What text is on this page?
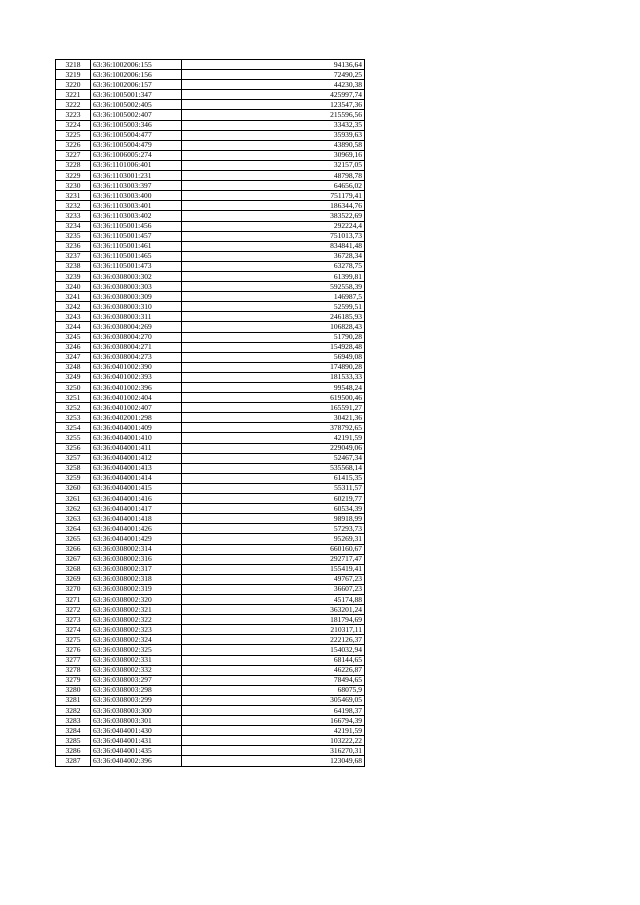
3218	63:36:1002006:155	94136,64
3219	63:36:1002006:156	72490,25
3220	63:36:1002006:157	44230,38
3221	63:36:1005001:347	425997,74
3222	63:36:1005002:405	123547,36
3223	63:36:1005002:407	215596,56
3224	63:36:1005003:346	33432,35
3225	63:36:1005004:477	35939,63
3226	63:36:1005004:479	43890,58
3227	63:36:1006005:274	30969,16
3228	63:36:1101006:401	32157,05
3229	63:36:1103001:231	48798,78
3230	63:36:1103003:397	64656,02
3231	63:36:1103003:400	751179,41
3232	63:36:1103003:401	186344,76
3233	63:36:1103003:402	383522,69
3234	63:36:1105001:456	292224,4
3235	63:36:1105001:457	751013,73
3236	63:36:1105001:461	834841,48
3237	63:36:1105001:465	36728,34
3238	63:36:1105001:473	63278,75
3239	63:36:0308003:302	61399,81
3240	63:36:0308003:303	592558,39
3241	63:36:0308003:309	146987,5
3242	63:36:0308003:310	52599,51
3243	63:36:0308003:311	246185,93
3244	63:36:0308004:269	106828,43
3245	63:36:0308004:270	51790,28
3246	63:36:0308004:271	154928,48
3247	63:36:0308004:273	56949,08
3248	63:36:0401002:390	174890,28
3249	63:36:0401002:393	181533,33
3250	63:36:0401002:396	99548,24
3251	63:36:0401002:404	619500,46
3252	63:36:0401002:407	165591,27
3253	63:36:0402001:298	30421,36
3254	63:36:0404001:409	378792,65
3255	63:36:0404001:410	42191,59
3256	63:36:0404001:411	229049,06
3257	63:36:0404001:412	52467,34
3258	63:36:0404001:413	535568,14
3259	63:36:0404001:414	61415,35
3260	63:36:0404001:415	55311,57
3261	63:36:0404001:416	60219,77
3262	63:36:0404001:417	60534,39
3263	63:36:0404001:418	98918,99
3264	63:36:0404001:426	57293,73
3265	63:36:0404001:429	95269,31
3266	63:36:0308002:314	660160,67
3267	63:36:0308002:316	292717,47
3268	63:36:0308002:317	155419,41
3269	63:36:0308002:318	49767,23
3270	63:36:0308002:319	36607,23
3271	63:36:0308002:320	45174,88
3272	63:36:0308002:321	363201,24
3273	63:36:0308002:322	181794,69
3274	63:36:0308002:323	210317,11
3275	63:36:0308002:324	222126,37
3276	63:36:0308002:325	154032,94
3277	63:36:0308002:331	68144,65
3278	63:36:0308002:332	46226,87
3279	63:36:0308003:297	78494,65
3280	63:36:0308003:298	68075,9
3281	63:36:0308003:299	305469,05
3282	63:36:0308003:300	64198,37
3283	63:36:0308003:301	166794,39
3284	63:36:0404001:430	42191,59
3285	63:36:0404001:431	103222,22
3286	63:36:0404001:435	316270,31
3287	63:36:0404002:396	123049,68
